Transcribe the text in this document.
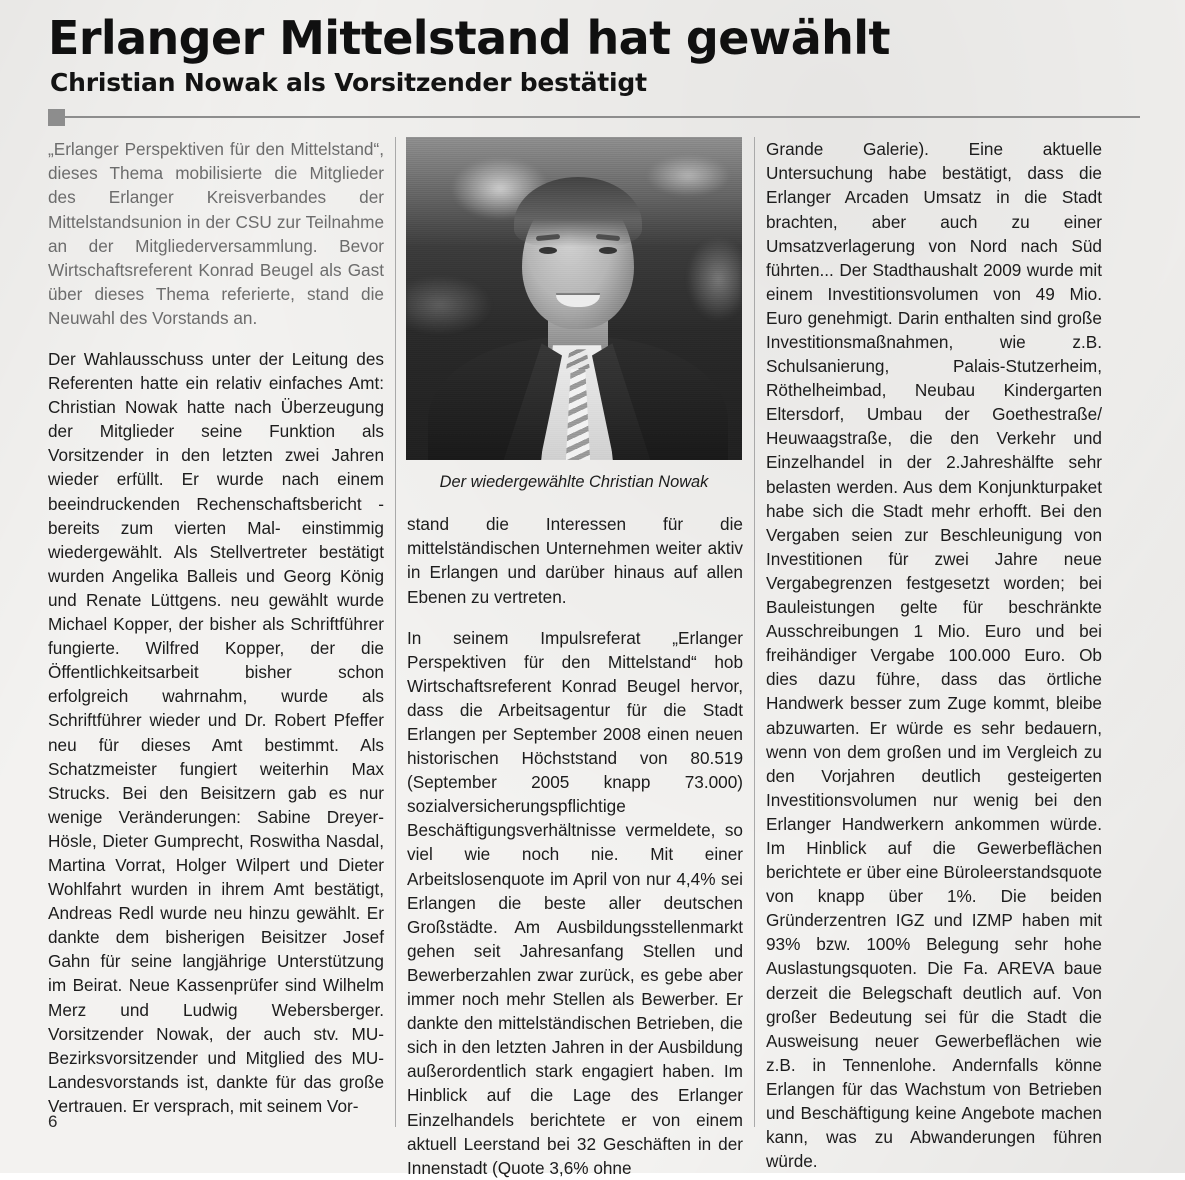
Erlanger Mittelstand hat gewählt
Christian Nowak als Vorsitzender bestätigt

„Erlanger Perspektiven für den Mittelstand“, dieses Thema mobilisierte die Mitglieder des Erlanger Kreisverbandes der Mittelstandsunion in der CSU zur Teilnahme an der Mitgliederversammlung. Bevor Wirtschaftsreferent Konrad Beugel als Gast über dieses Thema referierte, stand die Neuwahl des Vorstands an.

Der Wahlausschuss unter der Leitung des Referenten hatte ein relativ einfaches Amt: Christian Nowak hatte nach Überzeugung der Mitglieder seine Funktion als Vorsitzender in den letzten zwei Jahren wieder erfüllt. Er wurde nach einem beeindruckenden Rechenschaftsbericht -bereits zum vierten Mal- einstimmig wiedergewählt. Als Stellvertreter bestätigt wurden Angelika Balleis und Georg König und Renate Lüttgens. neu gewählt wurde Michael Kopper, der bisher als Schriftführer fungierte. Wilfred Kopper, der die Öffentlichkeitsarbeit bisher schon erfolgreich wahrnahm, wurde als Schriftführer wieder und Dr. Robert Pfeffer neu für dieses Amt bestimmt. Als Schatzmeister fungiert weiterhin Max Strucks. Bei den Beisitzern gab es nur wenige Veränderungen: Sabine Dreyer-Hösle, Dieter Gumprecht, Roswitha Nasdal, Martina Vorrat, Holger Wilpert und Dieter Wohlfahrt wurden in ihrem Amt bestätigt, Andreas Redl wurde neu hinzu gewählt. Er dankte dem bisherigen Beisitzer Josef Gahn für seine langjährige Unterstützung im Beirat. Neue Kassenprüfer sind Wilhelm Merz und Ludwig Webersberger. Vorsitzender Nowak, der auch stv. MU-Bezirksvorsitzender und Mitglied des MU-Landesvorstands ist, dankte für das große Vertrauen. Er versprach, mit seinem Vor-

stand die Interessen für die mittelständischen Unternehmen weiter aktiv in Erlangen und darüber hinaus auf allen Ebenen zu vertreten.

In seinem Impulsreferat „Erlanger Perspektiven für den Mittelstand“ hob Wirtschaftsreferent Konrad Beugel hervor, dass die Arbeitsagentur für die Stadt Erlangen per September 2008 einen neuen historischen Höchststand von 80.519 (September 2005 knapp 73.000) sozialversicherungspflichtige Beschäftigungsverhältnisse vermeldete, so viel wie noch nie. Mit einer Arbeitslosenquote im April von nur 4,4% sei Erlangen die beste aller deutschen Großstädte. Am Ausbildungsstellenmarkt gehen seit Jahresanfang Stellen und Bewerberzahlen zwar zurück, es gebe aber immer noch mehr Stellen als Bewerber. Er dankte den mittelständischen Betrieben, die sich in den letzten Jahren in der Ausbildung außerordentlich stark engagiert haben. Im Hinblick auf die Lage des Erlanger Einzelhandels berichtete er von einem aktuell Leerstand bei 32 Geschäften in der Innenstadt (Quote 3,6% ohne

Grande Galerie). Eine aktuelle Untersuchung habe bestätigt, dass die Erlanger Arcaden Umsatz in die Stadt brachten, aber auch zu einer Umsatzverlagerung von Nord nach Süd führten... Der Stadthaushalt 2009 wurde mit einem Investitionsvolumen von 49 Mio. Euro genehmigt. Darin enthalten sind große Investitionsmaßnahmen, wie z.B. Schulsanierung, Palais-Stutzerheim, Röthelheimbad, Neubau Kindergarten Eltersdorf, Umbau der Goethestraße/ Heuwaagstraße, die den Verkehr und Einzelhandel in der 2.Jahreshälfte sehr belasten werden. Aus dem Konjunkturpaket habe sich die Stadt mehr erhofft. Bei den Vergaben seien zur Beschleunigung von Investitionen für zwei Jahre neue Vergabegrenzen festgesetzt worden; bei Bauleistungen gelte für beschränkte Ausschreibungen 1 Mio. Euro und bei freihändiger Vergabe 100.000 Euro. Ob dies dazu führe, dass das örtliche Handwerk besser zum Zuge kommt, bleibe abzuwarten. Er würde es sehr bedauern, wenn von dem großen und im Vergleich zu den Vorjahren deutlich gesteigerten Investitionsvolumen nur wenig bei den Erlanger Handwerkern ankommen würde. Im Hinblick auf die Gewerbeflächen berichtete er über eine Büroleerstandsquote von knapp über 1%. Die beiden Gründerzentren IGZ und IZMP haben mit 93% bzw. 100% Belegung sehr hohe Auslastungsquoten. Die Fa. AREVA baue derzeit die Belegschaft deutlich auf. Von großer Bedeutung sei für die Stadt die Ausweisung neuer Gewerbeflächen wie z.B. in Tennenlohe. Andernfalls könne Erlangen für das Wachstum von Betrieben und Beschäftigung keine Angebote machen kann, was zu Abwanderungen führen würde.

Der wiedergewählte Christian Nowak
6
